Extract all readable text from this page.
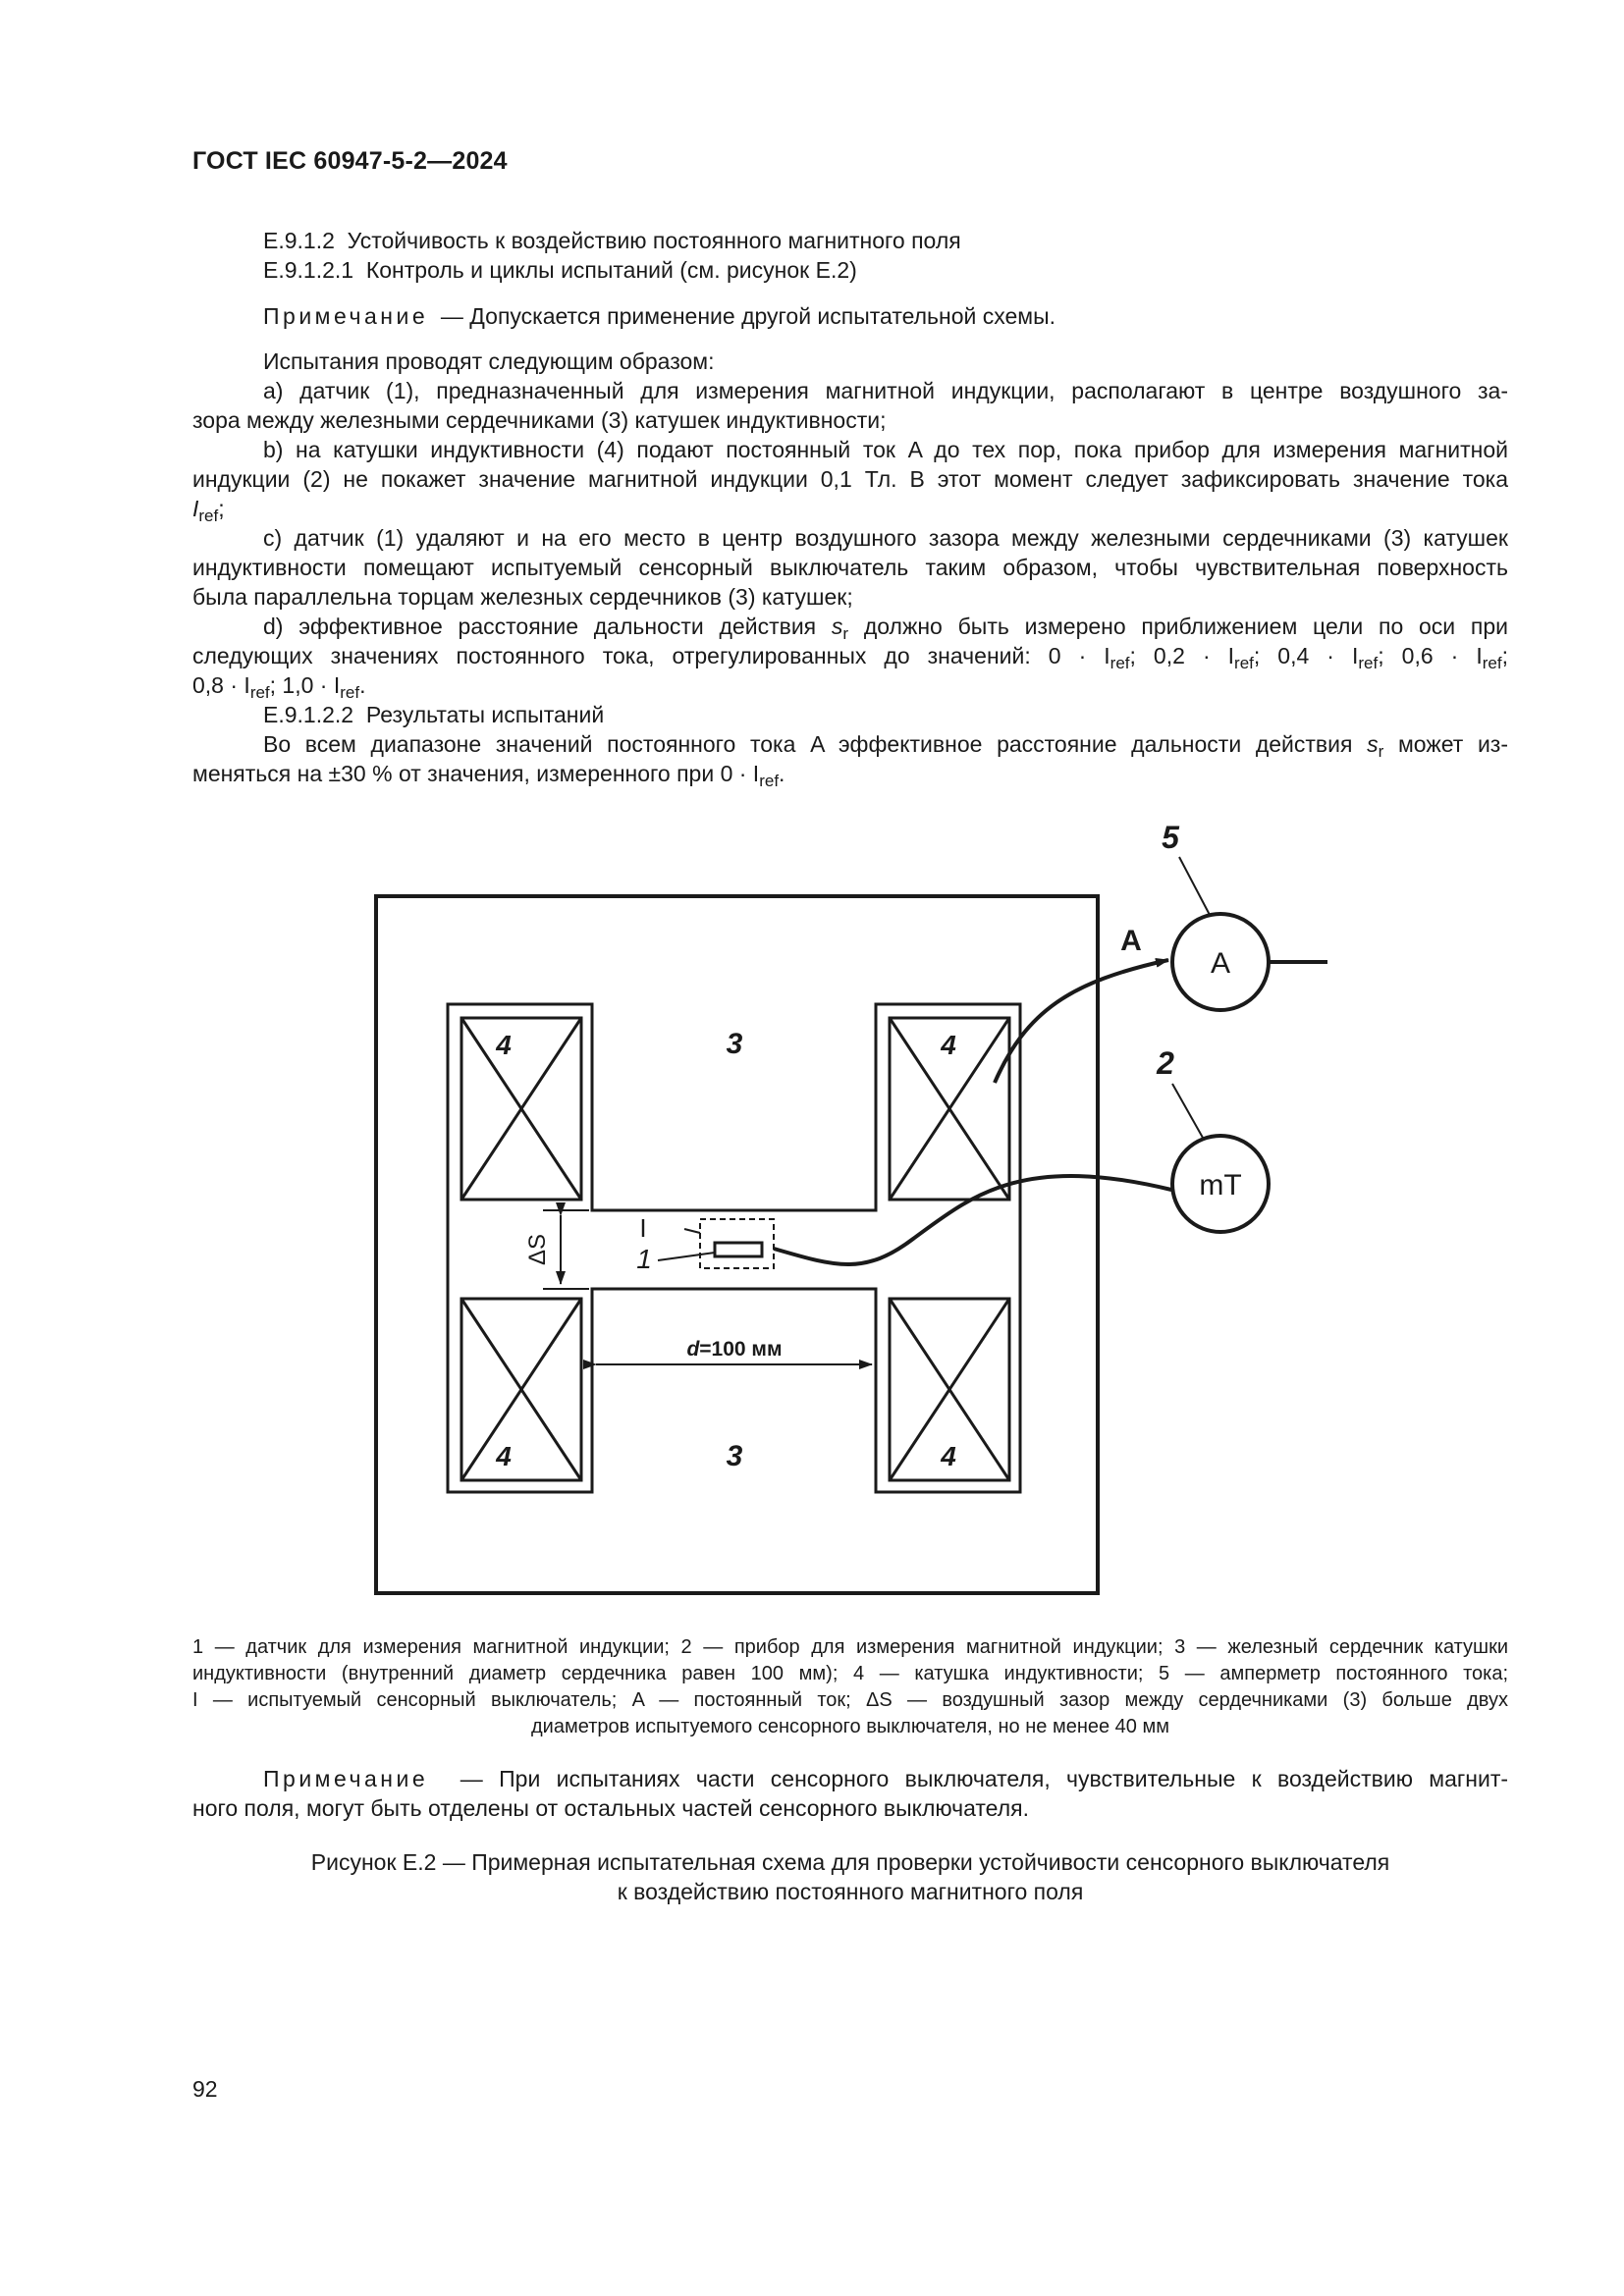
ГОСТ IEC 60947-5-2—2024
E.9.1.2 Устойчивость к воздействию постоянного магнитного поля
E.9.1.2.1 Контроль и циклы испытаний (см. рисунок E.2)
Примечание — Допускается применение другой испытательной схемы.
Испытания проводят следующим образом:
a) датчик (1), предназначенный для измерения магнитной индукции, располагают в центре воздушного за-
зора между железными сердечниками (3) катушек индуктивности;
b) на катушки индуктивности (4) подают постоянный ток A до тех пор, пока прибор для измерения магнитной
индукции (2) не покажет значение магнитной индукции 0,1 Тл. В этот момент следует зафиксировать значение тока
$I_{ref}$;
c) датчик (1) удаляют и на его место в центр воздушного зазора между железными сердечниками (3) катушек
индуктивности помещают испытуемый сенсорный выключатель таким образом, чтобы чувствительная поверхность
была параллельна торцам железных сердечников (3) катушек;
d) эффективное расстояние дальности действия $s_r$ должно быть измерено приближением цели по оси при
следующих значениях постоянного тока, отрегулированных до значений: $0 \cdot I_{ref}$; $0,2 \cdot I_{ref}$; $0,4 \cdot I_{ref}$; $0,6 \cdot I_{ref}$;
$0,8 \cdot I_{ref}$; $1,0 \cdot I_{ref}$.
E.9.1.2.2 Результаты испытаний
Во всем диапазоне значений постоянного тока A эффективное расстояние дальности действия $s_r$ может из-
меняться на ±30 % от значения, измеренного при $0 \cdot I_{ref}$.
4
4
4
4
3
3
5
A
A
2
mT
I
1
ΔS
d=100 мм
1 — датчик для измерения магнитной индукции; 2 — прибор для измерения магнитной индукции; 3 — железный сердечник катушки
индуктивности (внутренний диаметр сердечника равен 100 мм); 4 — катушка индуктивности; 5 — амперметр постоянного тока;
I — испытуемый сенсорный выключатель; A — постоянный ток; ΔS — воздушный зазор между сердечниками (3) больше двух
диаметров испытуемого сенсорного выключателя, но не менее 40 мм
Примечание — При испытаниях части сенсорного выключателя, чувствительные к воздействию магнит-
ного поля, могут быть отделены от остальных частей сенсорного выключателя.
Рисунок E.2 — Примерная испытательная схема для проверки устойчивости сенсорного выключателя
к воздействию постоянного магнитного поля
92
